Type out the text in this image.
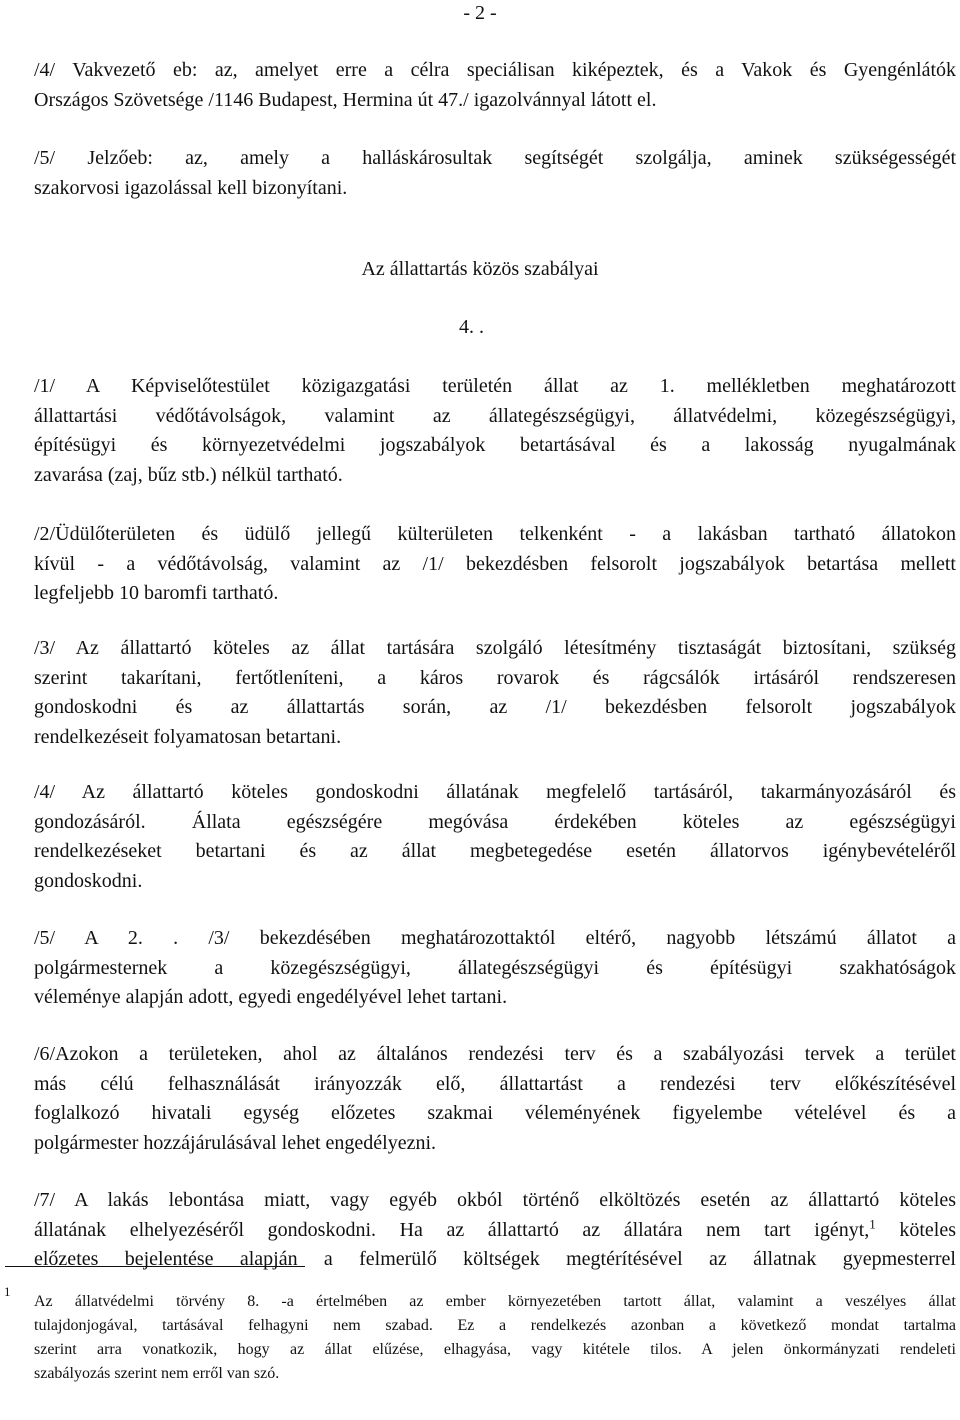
- 2 -
/4/ Vakvezető eb: az, amelyet erre a célra speciálisan kiképeztek, és a Vakok és Gyengénlátók
Országos Szövetsége /1146 Budapest, Hermina út 47./ igazolvánnyal látott el.
/5/ Jelzőeb: az, amely a halláskárosultak segítségét szolgálja, aminek szükségességét
szakorvosi igazolással kell bizonyítani.
Az állattartás közös szabályai
4. .
/1/ A Képviselőtestület közigazgatási területén állat az 1. mellékletben meghatározott
állattartási védőtávolságok, valamint az állategészségügyi, állatvédelmi, közegészségügyi,
építésügyi és környezetvédelmi jogszabályok betartásával és a lakosság nyugalmának
zavarása (zaj, bűz stb.) nélkül tartható.
/2/Üdülőterületen és üdülő jellegű külterületen telkenként - a lakásban tartható állatokon
kívül - a védőtávolság, valamint az /1/ bekezdésben felsorolt jogszabályok betartása mellett
legfeljebb 10 baromfi tartható.
/3/ Az állattartó köteles az állat tartására szolgáló létesítmény tisztaságát biztosítani, szükség
szerint takarítani, fertőtleníteni, a káros rovarok és rágcsálók irtásáról rendszeresen
gondoskodni és az állattartás során, az /1/ bekezdésben felsorolt jogszabályok
rendelkezéseit folyamatosan betartani.
/4/ Az állattartó köteles gondoskodni állatának megfelelő tartásáról, takarmányozásáról és
gondozásáról. Állata egészségére megóvása érdekében köteles az egészségügyi
rendelkezéseket betartani és az állat megbetegedése esetén állatorvos igénybevételéről
gondoskodni.
/5/ A 2. . /3/ bekezdésében meghatározottaktól eltérő, nagyobb létszámú állatot a
polgármesternek a közegészségügyi, állategészségügyi és építésügyi szakhatóságok
véleménye alapján adott, egyedi engedélyével lehet tartani.
/6/Azokon a területeken, ahol az általános rendezési terv és a szabályozási tervek a terület
más célú felhasználását irányozzák elő, állattartást a rendezési terv előkészítésével
foglalkozó hivatali egység előzetes szakmai véleményének figyelembe vételével és a
polgármester hozzájárulásával lehet engedélyezni.
/7/ A lakás lebontása miatt, vagy egyéb okból történő elköltözés esetén az állattartó köteles
állatának elhelyezéséről gondoskodni. Ha az állattartó az állatára nem tart igényt,$^1$ köteles
előzetes bejelentése alapján a felmerülő költségek megtérítésével az állatnak gyepmesterrel
1
Az állatvédelmi törvény 8. -a értelmében az ember környezetében tartott állat, valamint a veszélyes állat
tulajdonjogával, tartásával felhagyni nem szabad. Ez a rendelkezés azonban a következő mondat tartalma
szerint arra vonatkozik, hogy az állat elűzése, elhagyása, vagy kitétele tilos. A jelen önkormányzati rendeleti
szabályozás szerint nem erről van szó.
